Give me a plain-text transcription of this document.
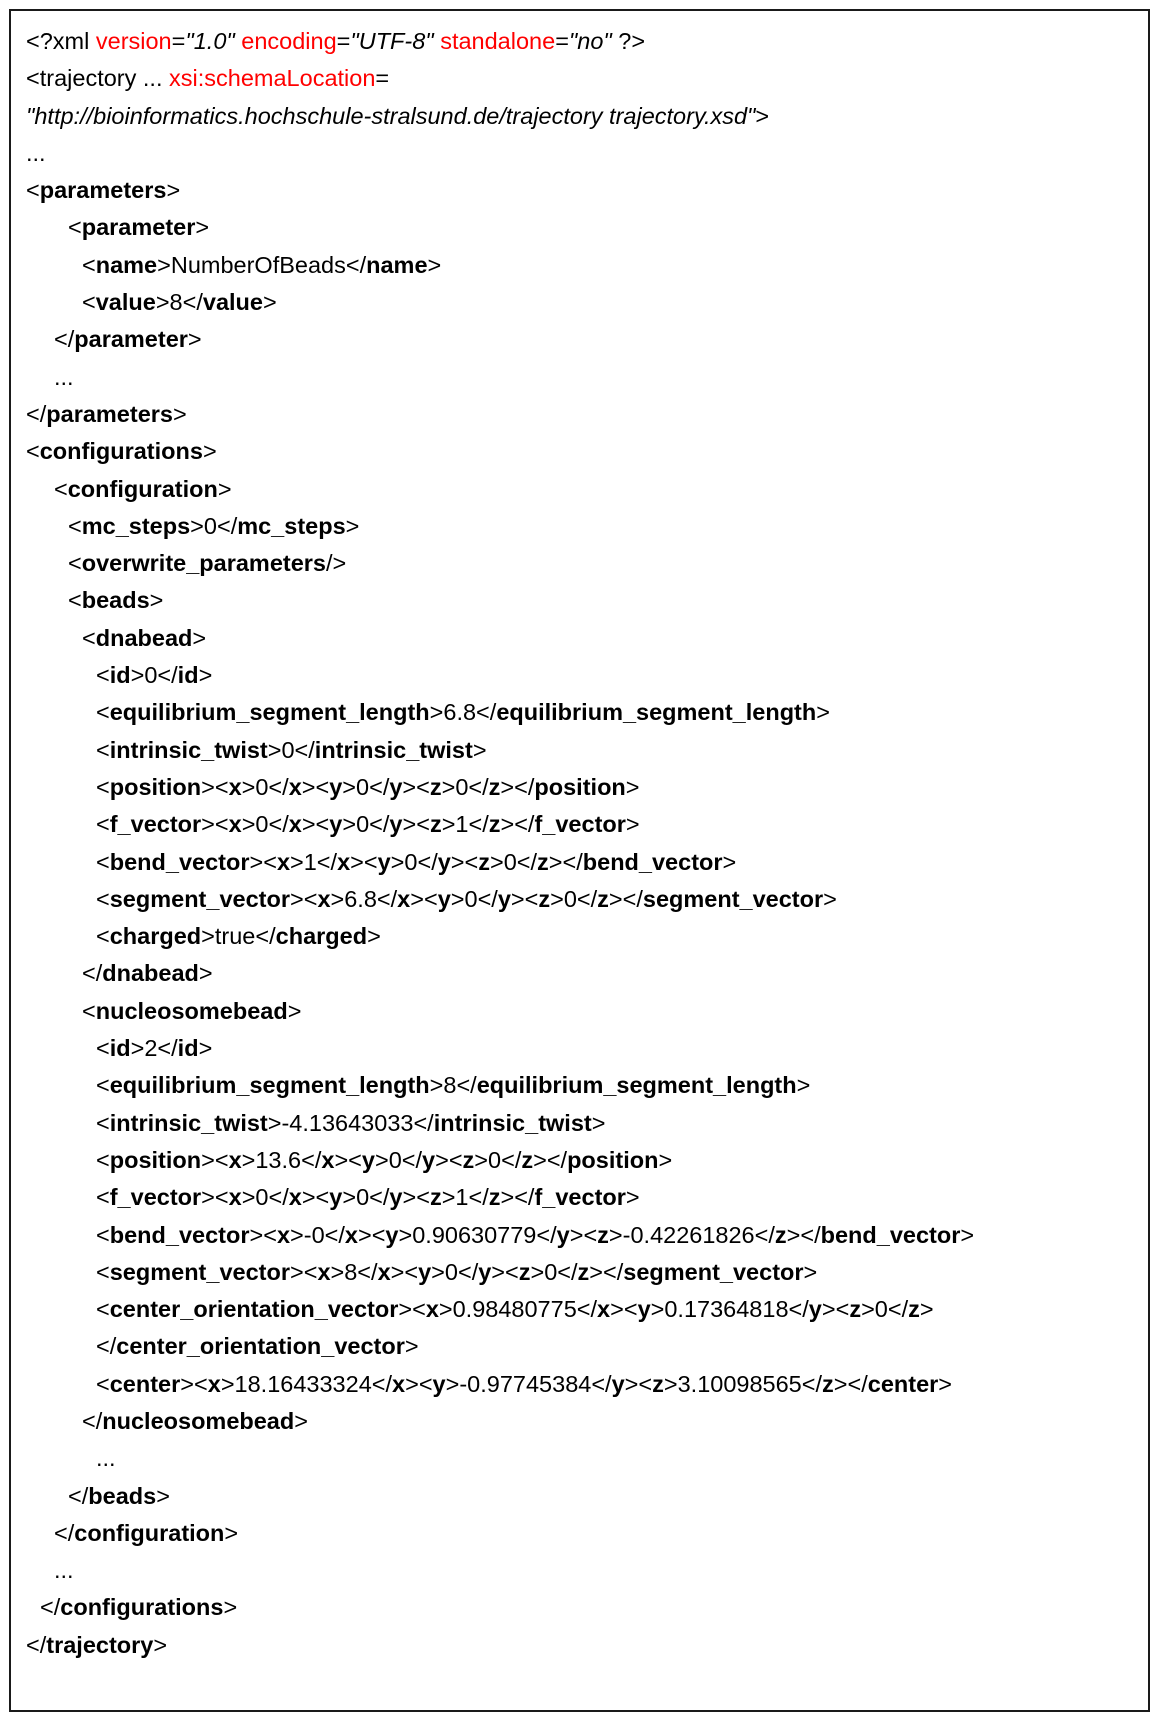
<?xml version="1.0" encoding="UTF-8" standalone="no" ?>
<trajectory ... xsi:schemaLocation=
"http://bioinformatics.hochschule-stralsund.de/trajectory trajectory.xsd">
...
<parameters>
<parameter>
<name>NumberOfBeads</name>
<value>8</value>
</parameter>
...
</parameters>
<configurations>
<configuration>
<mc_steps>0</mc_steps>
<overwrite_parameters/>
<beads>
<dnabead>
<id>0</id>
<equilibrium_segment_length>6.8</equilibrium_segment_length>
<intrinsic_twist>0</intrinsic_twist>
<position><x>0</x><y>0</y><z>0</z></position>
<f_vector><x>0</x><y>0</y><z>1</z></f_vector>
<bend_vector><x>1</x><y>0</y><z>0</z></bend_vector>
<segment_vector><x>6.8</x><y>0</y><z>0</z></segment_vector>
<charged>true</charged>
</dnabead>
<nucleosomebead>
<id>2</id>
<equilibrium_segment_length>8</equilibrium_segment_length>
<intrinsic_twist>-4.13643033</intrinsic_twist>
<position><x>13.6</x><y>0</y><z>0</z></position>
<f_vector><x>0</x><y>0</y><z>1</z></f_vector>
<bend_vector><x>-0</x><y>0.90630779</y><z>-0.42261826</z></bend_vector>
<segment_vector><x>8</x><y>0</y><z>0</z></segment_vector>
<center_orientation_vector><x>0.98480775</x><y>0.17364818</y><z>0</z>
</center_orientation_vector>
<center><x>18.16433324</x><y>-0.97745384</y><z>3.10098565</z></center>
</nucleosomebead>
...
</beads>
</configuration>
...
</configurations>
</trajectory>
